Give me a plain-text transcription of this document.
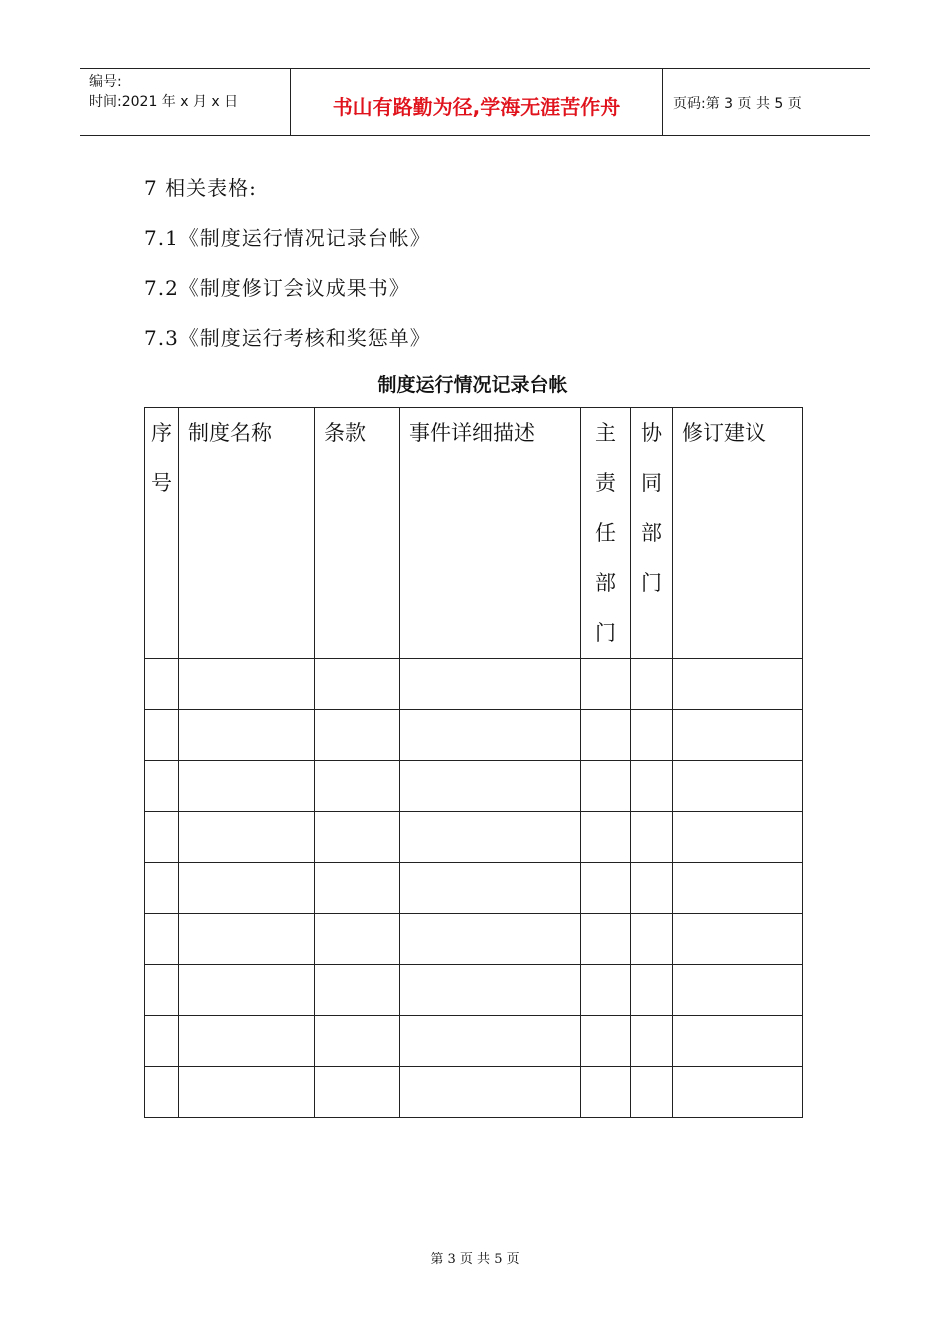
编号:
时间:2021 年 x 月 x 日	书山有路勤为径,学海无涯苦作舟	页码:第 3 页 共 5 页
7 相关表格:
7.1《制度运行情况记录台帐》
7.2《制度修订会议成果书》
7.3《制度运行考核和奖惩单》
制度运行情况记录台帐
序号	制度名称	条款	事件详细描述	主责任部门	协同部门	修订建议

第 3 页 共 5 页
